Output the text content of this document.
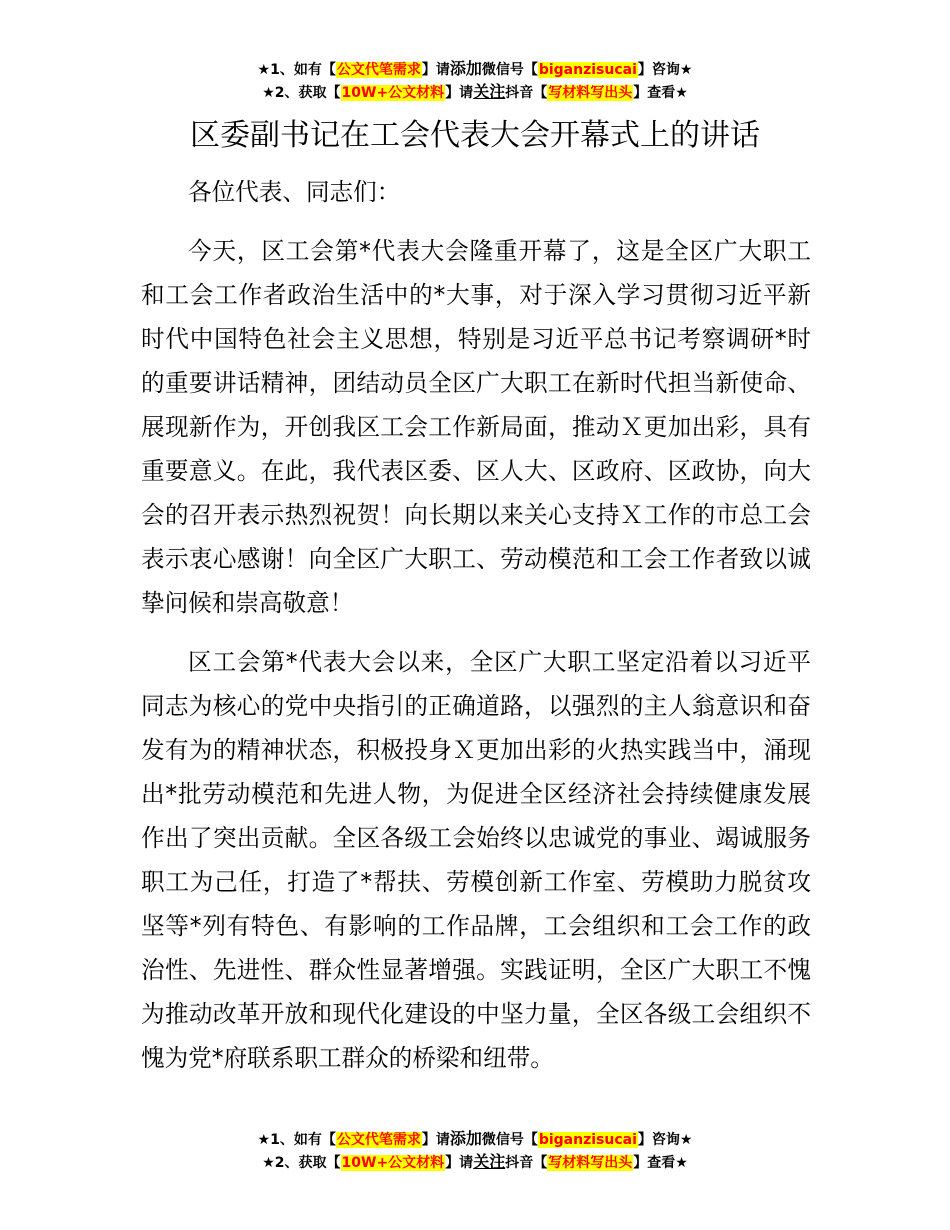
★1、如有【公文代笔需求】请添加微信号【biganzisucai】咨询★
★2、获取【10W+公文材料】请关注抖音【写材料写出头】查看★
区委副书记在工会代表大会开幕式上的讲话

各位代表、同志们：

今天，区工会第*代表大会隆重开幕了，这是全区广大职工和工会工作者政治生活中的*大事，对于深入学习贯彻习近平新时代中国特色社会主义思想，特别是习近平总书记考察调研*时的重要讲话精神，团结动员全区广大职工在新时代担当新使命、展现新作为，开创我区工会工作新局面，推动Ｘ更加出彩，具有重要意义。在此，我代表区委、区人大、区政府、区政协，向大会的召开表示热烈祝贺！向长期以来关心支持Ｘ工作的市总工会表示衷心感谢！向全区广大职工、劳动模范和工会工作者致以诚挚问候和崇高敬意！

区工会第*代表大会以来，全区广大职工坚定沿着以习近平同志为核心的党中央指引的正确道路，以强烈的主人翁意识和奋发有为的精神状态，积极投身Ｘ更加出彩的火热实践当中，涌现出*批劳动模范和先进人物，为促进全区经济社会持续健康发展作出了突出贡献。全区各级工会始终以忠诚党的事业、竭诚服务职工为己任，打造了*帮扶、劳模创新工作室、劳模助力脱贫攻坚等*列有特色、有影响的工作品牌，工会组织和工会工作的政治性、先进性、群众性显著增强。实践证明，全区广大职工不愧为推动改革开放和现代化建设的中坚力量，全区各级工会组织不愧为党*府联系职工群众的桥梁和纽带。

★1、如有【公文代笔需求】请添加微信号【biganzisucai】咨询★
★2、获取【10W+公文材料】请关注抖音【写材料写出头】查看★
